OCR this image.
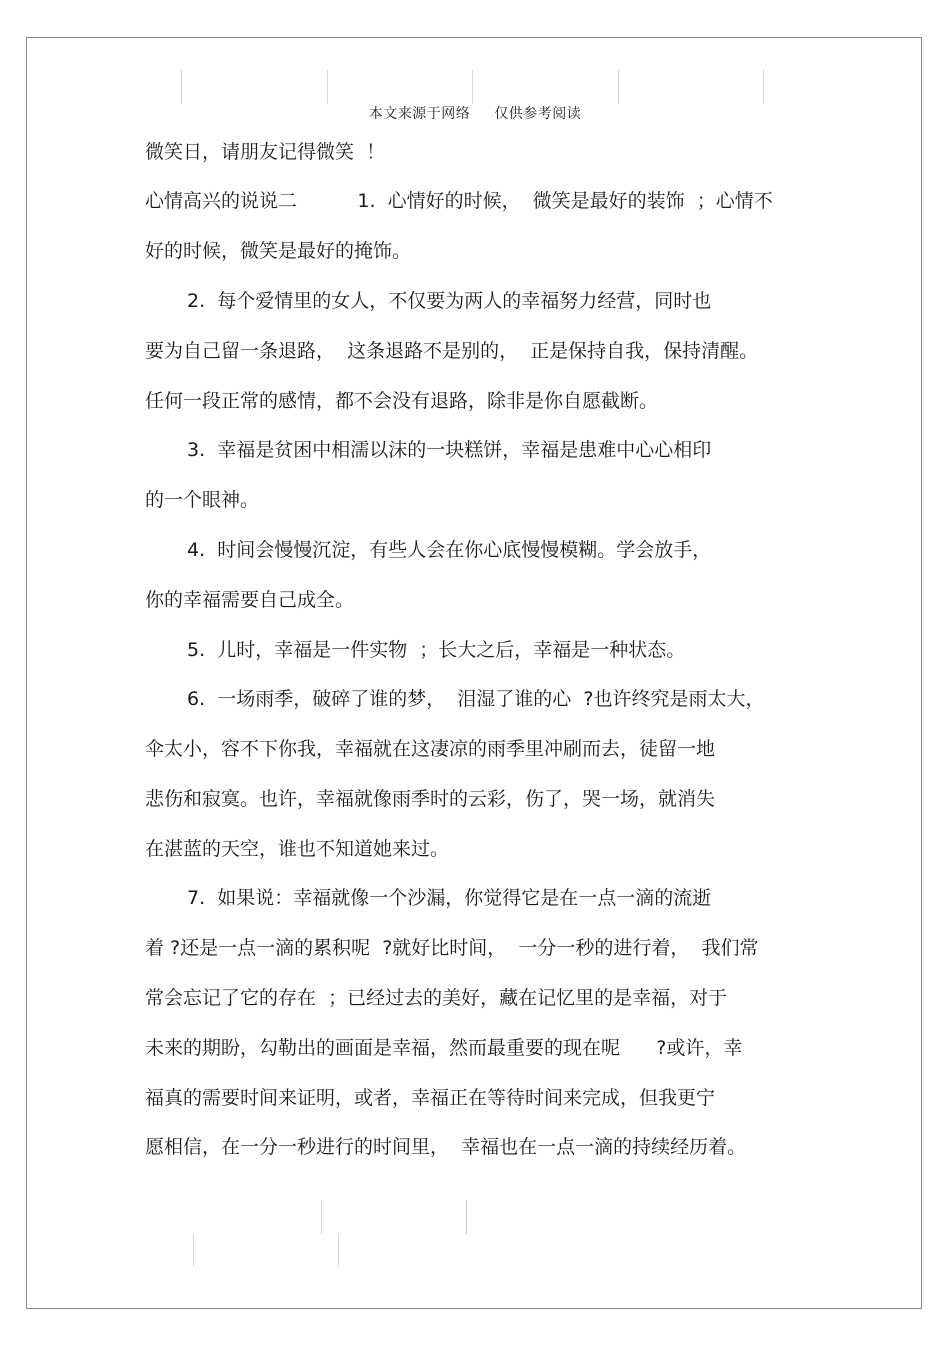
本文来源于网络 仅供参考阅读
微笑日，请朋友记得微笑  ！
心情高兴的说说二          1.  心情好的时候，  微笑是最好的装饰  ；心情不
好的时候，微笑是最好的掩饰。
2.  每个爱情里的女人，不仅要为两人的幸福努力经营，同时也
要为自己留一条退路，  这条退路不是别的，  正是保持自我，保持清醒。
任何一段正常的感情，都不会没有退路，除非是你自愿截断。
3.  幸福是贫困中相濡以沫的一块糕饼，幸福是患难中心心相印
的一个眼神。
4.  时间会慢慢沉淀，有些人会在你心底慢慢模糊。学会放手，
你的幸福需要自己成全。
5.  儿时，幸福是一件实物  ；长大之后，幸福是一种状态。
6.  一场雨季，破碎了谁的梦，  泪湿了谁的心  ?也许终究是雨太大，
伞太小，容不下你我，幸福就在这凄凉的雨季里冲刷而去，徒留一地
悲伤和寂寞。也许，幸福就像雨季时的云彩，伤了，哭一场，就消失
在湛蓝的天空，谁也不知道她来过。
7.  如果说：幸福就像一个沙漏，你觉得它是在一点一滴的流逝
着 ?还是一点一滴的累积呢  ?就好比时间，  一分一秒的进行着，  我们常
常会忘记了它的存在  ；已经过去的美好，藏在记忆里的是幸福，对于
未来的期盼，勾勒出的画面是幸福，然而最重要的现在呢      ?或许，幸
福真的需要时间来证明，或者，幸福正在等待时间来完成，但我更宁
愿相信，在一分一秒进行的时间里，  幸福也在一点一滴的持续经历着。
